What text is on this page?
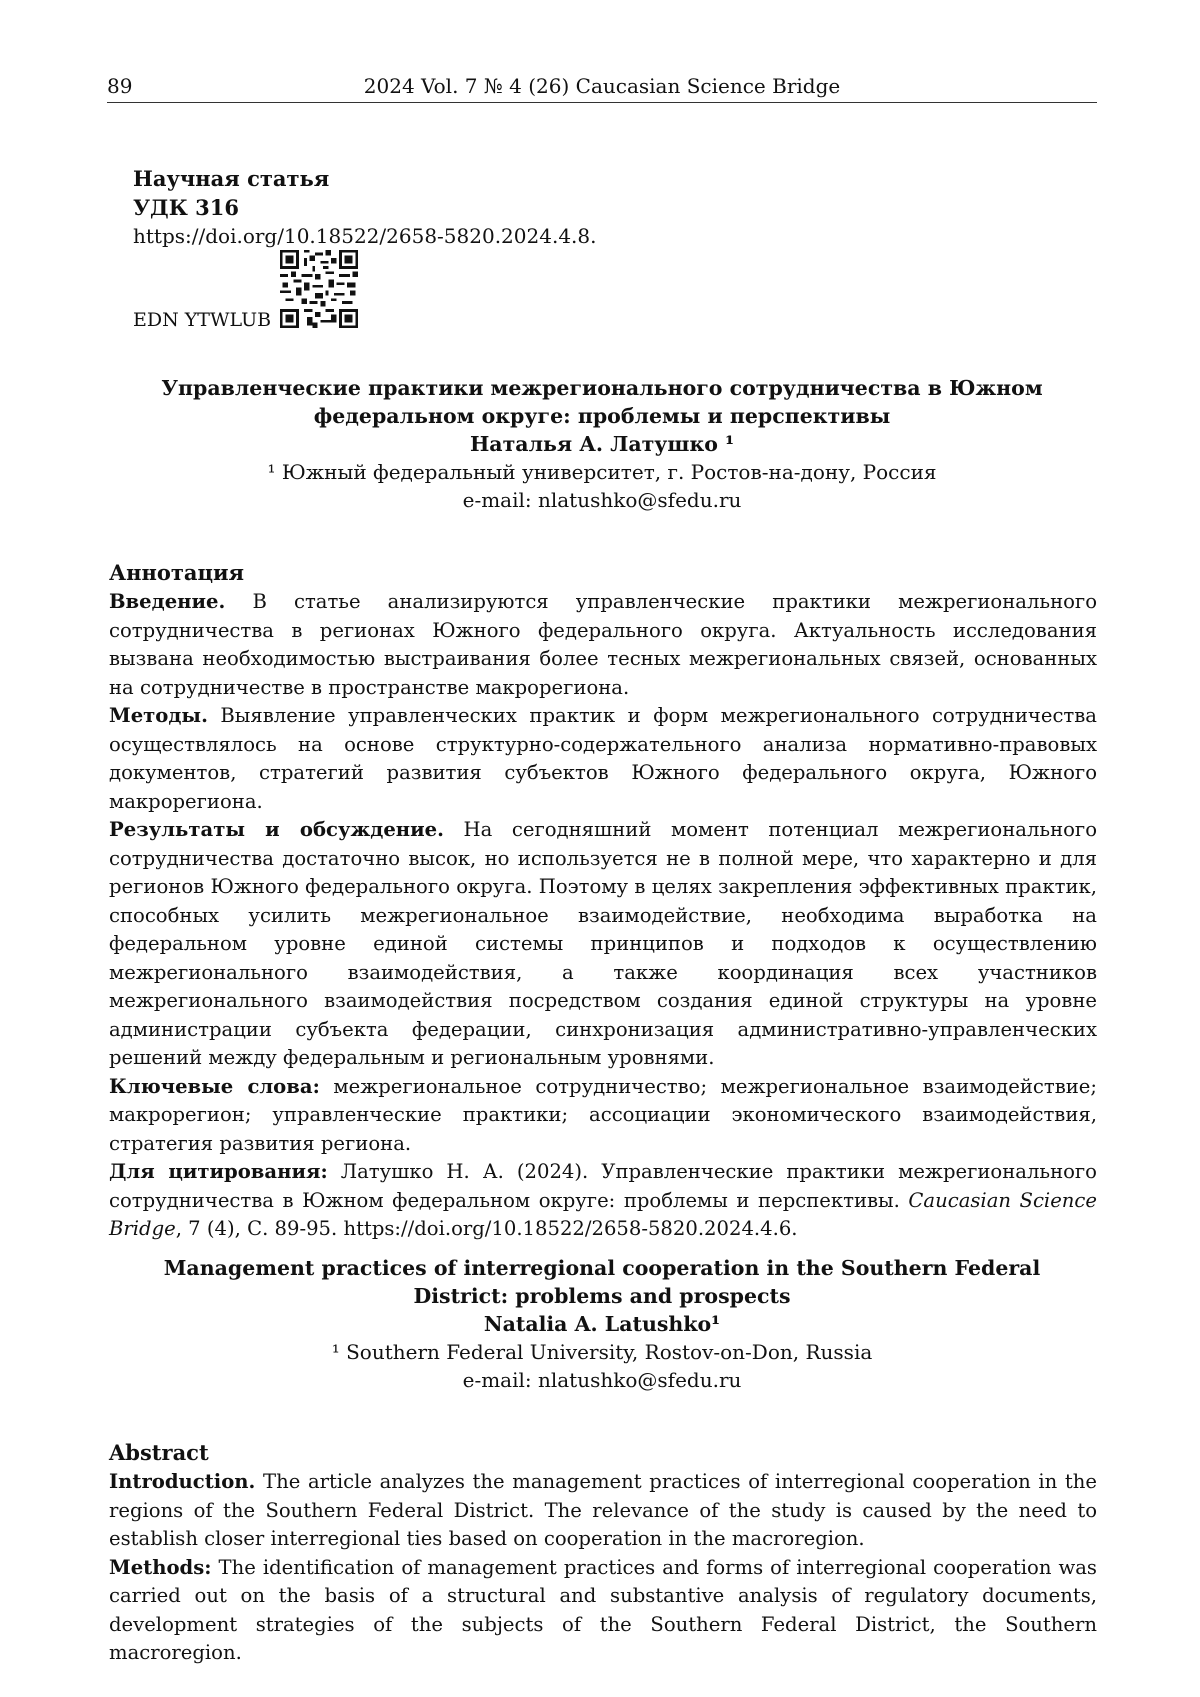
89	2024 Vol. 7 № 4 (26) Caucasian Science Bridge
Научная статья
УДК 316
https://doi.org/10.18522/2658-5820.2024.4.8.
EDN YTWLUB
Управленческие практики межрегионального сотрудничества в Южном
федеральном округе: проблемы и перспективы
Наталья А. Латушко ¹
¹ Южный федеральный университет, г. Ростов-на-дону, Россия
e-mail: nlatushko@sfedu.ru
Аннотация

Введение. В статье анализируются управленческие практики межрегионального сотрудничества в регионах Южного федерального округа. Актуальность исследования вызвана необходимостью выстраивания более тесных межрегиональных связей, основанных на сотрудничестве в пространстве макрорегиона.

Методы. Выявление управленческих практик и форм межрегионального сотрудничества осуществлялось на основе структурно-содержательного анализа нормативно-правовых документов, стратегий развития субъектов Южного федерального округа, Южного макрорегиона.

Результаты и обсуждение. На сегодняшний момент потенциал межрегионального сотрудничества достаточно высок, но используется не в полной мере, что характерно и для регионов Южного федерального округа. Поэтому в целях закрепления эффективных практик, способных усилить межрегиональное взаимодействие, необходима выработка на федеральном уровне единой системы принципов и подходов к осуществлению межрегионального взаимодействия, а также координация всех участников межрегионального взаимодействия посредством создания единой структуры на уровне администрации субъекта федерации, синхронизация административно-управленческих решений между федеральным и региональным уровнями.

Ключевые слова: межрегиональное сотрудничество; межрегиональное взаимодействие; макрорегион; управленческие практики; ассоциации экономического взаимодействия, стратегия развития региона.

Для цитирования: Латушко Н. А. (2024). Управленческие практики межрегионального сотрудничества в Южном федеральном округе: проблемы и перспективы. Caucasian Science Bridge, 7 (4), С. 89-95. https://doi.org/10.18522/2658-5820.2024.4.6.

Management practices of interregional cooperation in the Southern Federal
District: problems and prospects
Natalia A. Latushko¹
¹ Southern Federal University, Rostov-on-Don, Russia
e-mail: nlatushko@sfedu.ru
Abstract

Introduction. The article analyzes the management practices of interregional cooperation in the regions of the Southern Federal District. The relevance of the study is caused by the need to establish closer interregional ties based on cooperation in the macroregion.

Methods: The identification of management practices and forms of interregional cooperation was carried out on the basis of a structural and substantive analysis of regulatory documents, development strategies of the subjects of the Southern Federal District, the Southern macroregion.
